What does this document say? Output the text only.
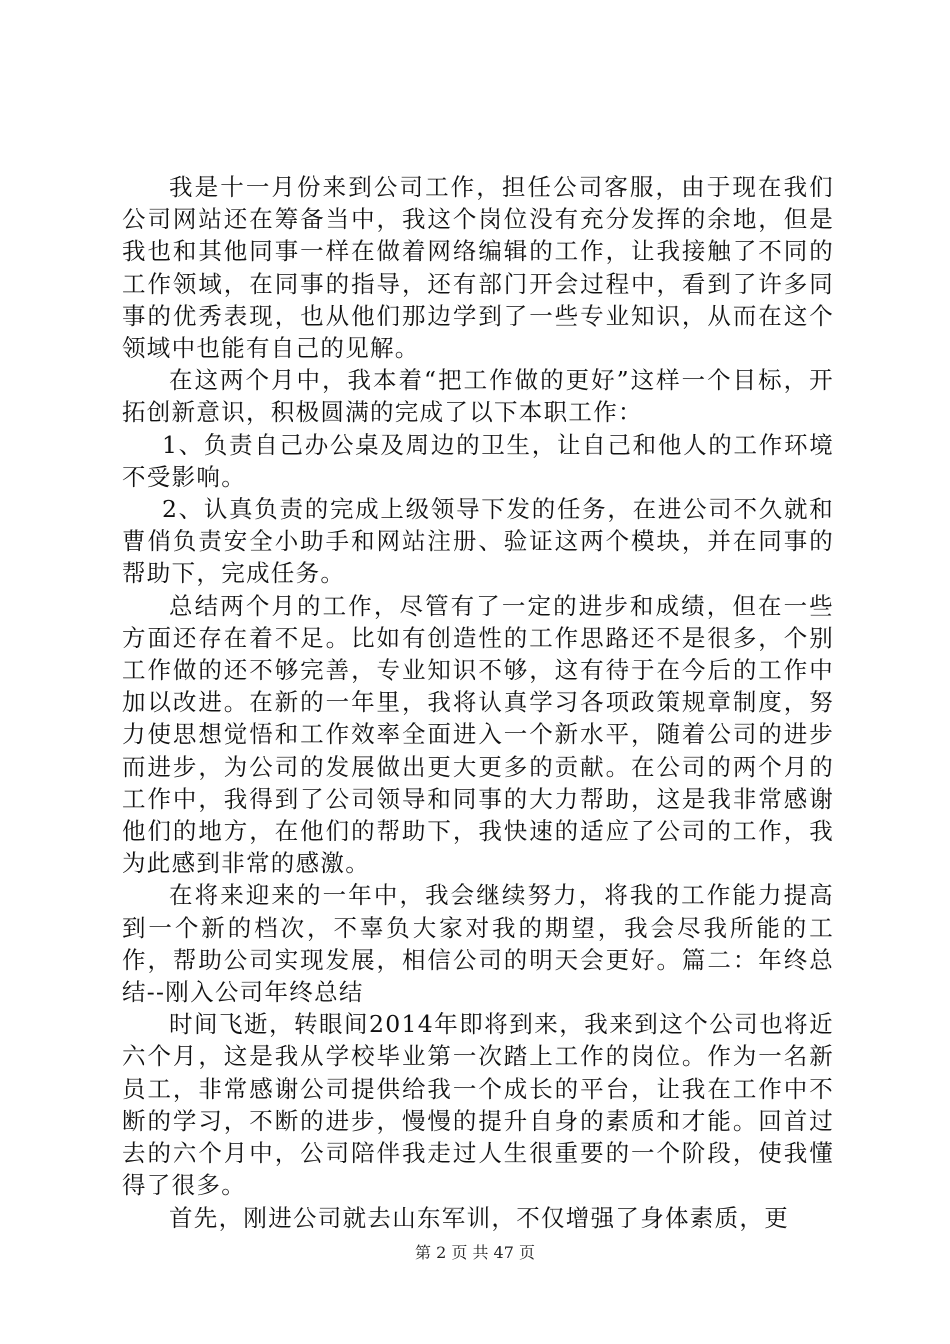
我是十一月份来到公司工作，担任公司客服，由于现在我们公司网站还在筹备当中，我这个岗位没有充分发挥的余地，但是我也和其他同事一样在做着网络编辑的工作，让我接触了不同的工作领域，在同事的指导，还有部门开会过程中，看到了许多同事的优秀表现，也从他们那边学到了一些专业知识，从而在这个领域中也能有自己的见解。

在这两个月中，我本着“把工作做的更好”这样一个目标，开拓创新意识，积极圆满的完成了以下本职工作：

1、负责自己办公桌及周边的卫生，让自己和他人的工作环境不受影响。

2、认真负责的完成上级领导下发的任务，在进公司不久就和曹俏负责安全小助手和网站注册、验证这两个模块，并在同事的帮助下，完成任务。

总结两个月的工作，尽管有了一定的进步和成绩，但在一些方面还存在着不足。比如有创造性的工作思路还不是很多，个别工作做的还不够完善，专业知识不够，这有待于在今后的工作中加以改进。在新的一年里，我将认真学习各项政策规章制度，努力使思想觉悟和工作效率全面进入一个新水平，随着公司的进步而进步，为公司的发展做出更大更多的贡献。在公司的两个月的工作中，我得到了公司领导和同事的大力帮助，这是我非常感谢他们的地方，在他们的帮助下，我快速的适应了公司的工作，我为此感到非常的感激。

在将来迎来的一年中，我会继续努力，将我的工作能力提高到一个新的档次，不辜负大家对我的期望，我会尽我所能的工作，帮助公司实现发展，相信公司的明天会更好。篇二：年终总结--刚入公司年终总结

时间飞逝，转眼间2014年即将到来，我来到这个公司也将近六个月，这是我从学校毕业第一次踏上工作的岗位。作为一名新员工，非常感谢公司提供给我一个成长的平台，让我在工作中不断的学习，不断的进步，慢慢的提升自身的素质和才能。回首过去的六个月中，公司陪伴我走过人生很重要的一个阶段，使我懂得了很多。

首先，刚进公司就去山东军训，不仅增强了身体素质，更

第 2 页 共 47 页
